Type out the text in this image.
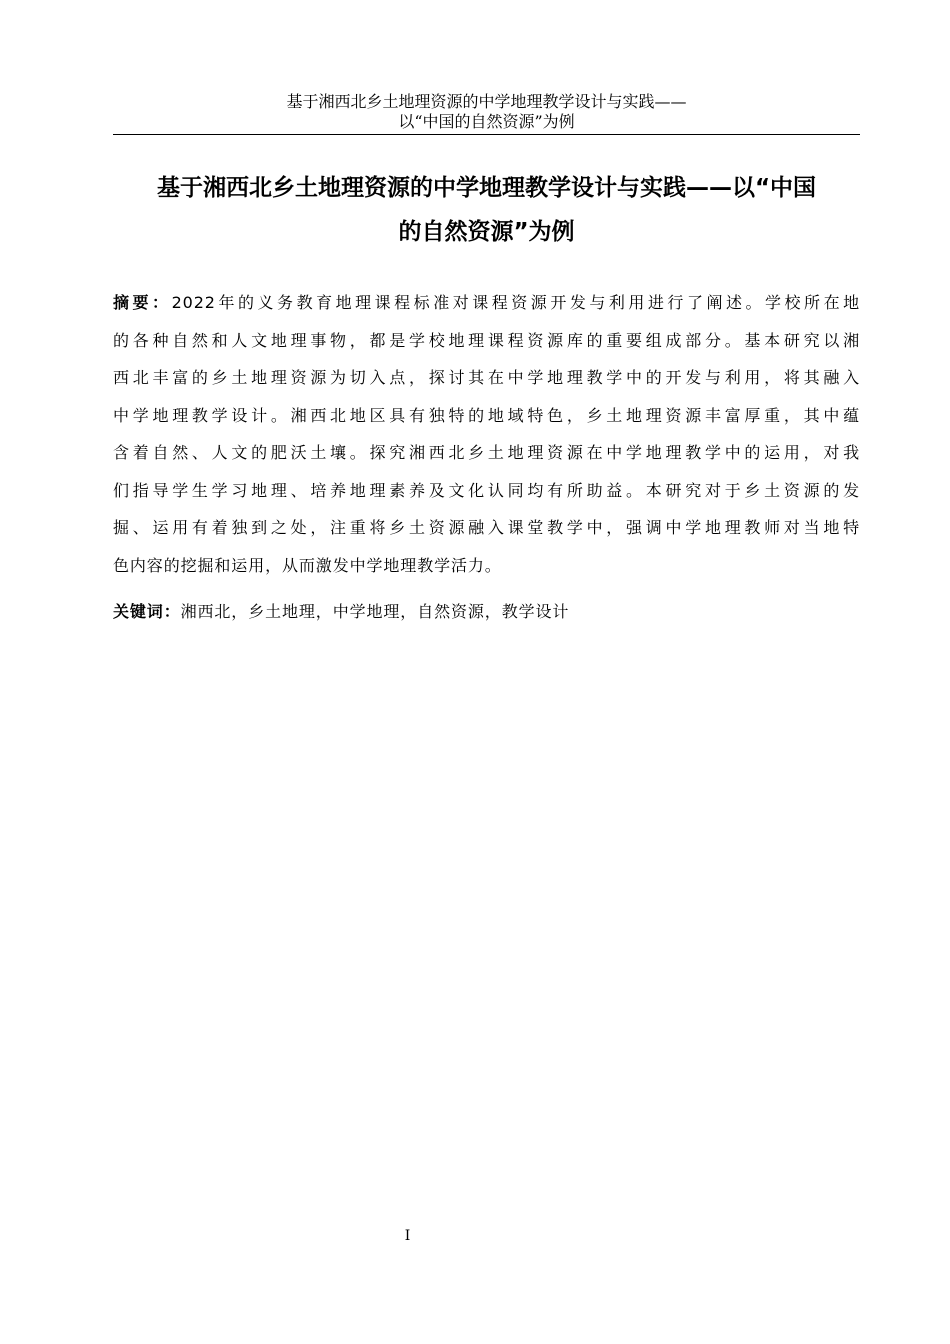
基于湘西北乡土地理资源的中学地理教学设计与实践——
以“中国的自然资源”为例
基于湘西北乡土地理资源的中学地理教学设计与实践——以“中国
的自然资源”为例
摘要：2022年的义务教育地理课程标准对课程资源开发与利用进行了阐述。学校所在地
的各种自然和人文地理事物，都是学校地理课程资源库的重要组成部分。基本研究以湘
西北丰富的乡土地理资源为切入点，探讨其在中学地理教学中的开发与利用，将其融入
中学地理教学设计。湘西北地区具有独特的地域特色，乡土地理资源丰富厚重，其中蕴
含着自然、人文的肥沃土壤。探究湘西北乡土地理资源在中学地理教学中的运用，对我
们指导学生学习地理、培养地理素养及文化认同均有所助益。本研究对于乡土资源的发
掘、运用有着独到之处，注重将乡土资源融入课堂教学中，强调中学地理教师对当地特
色内容的挖掘和运用，从而激发中学地理教学活力。
关键词：湘西北，乡土地理，中学地理，自然资源，教学设计
I
